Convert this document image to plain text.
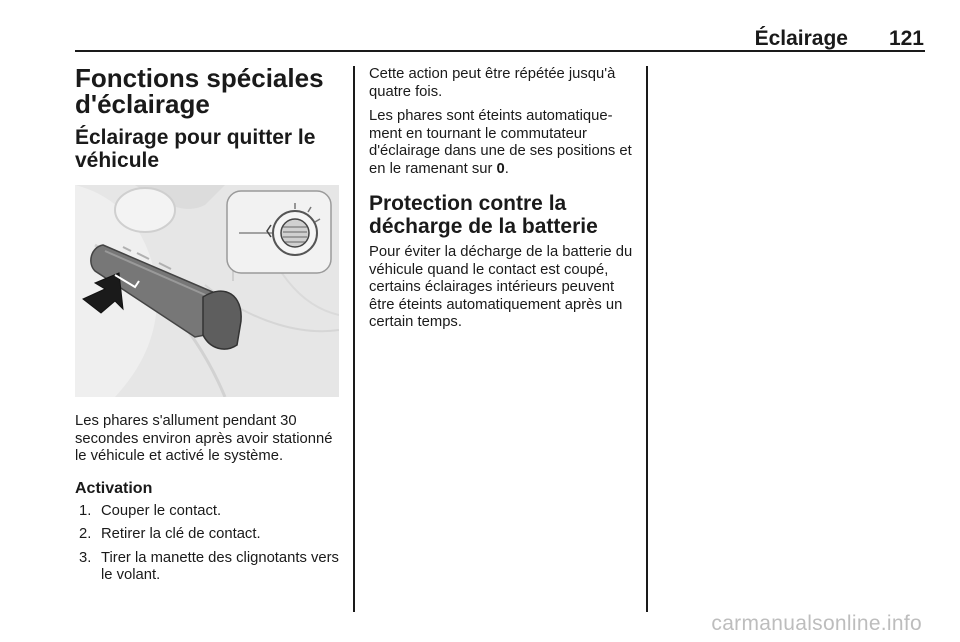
Éclairage 121
Fonctions spéciales d'éclairage
Éclairage pour quitter le véhicule

Les phares s'allument pendant 30 secondes environ après avoir stationné le véhicule et activé le système.

Activation
1. Couper le contact.
2. Retirer la clé de contact.
3. Tirer la manette des clignotants vers le volant.

Cette action peut être répétée jusqu'à quatre fois.

Les phares sont éteints automatiquement en tournant le commutateur d'éclairage dans une de ses positions et en le ramenant sur 0.

Protection contre la décharge de la batterie

Pour éviter la décharge de la batterie du véhicule quand le contact est coupé, certains éclairages intérieurs peuvent être éteints automatiquement après un certain temps.

carmanualsonline.info
